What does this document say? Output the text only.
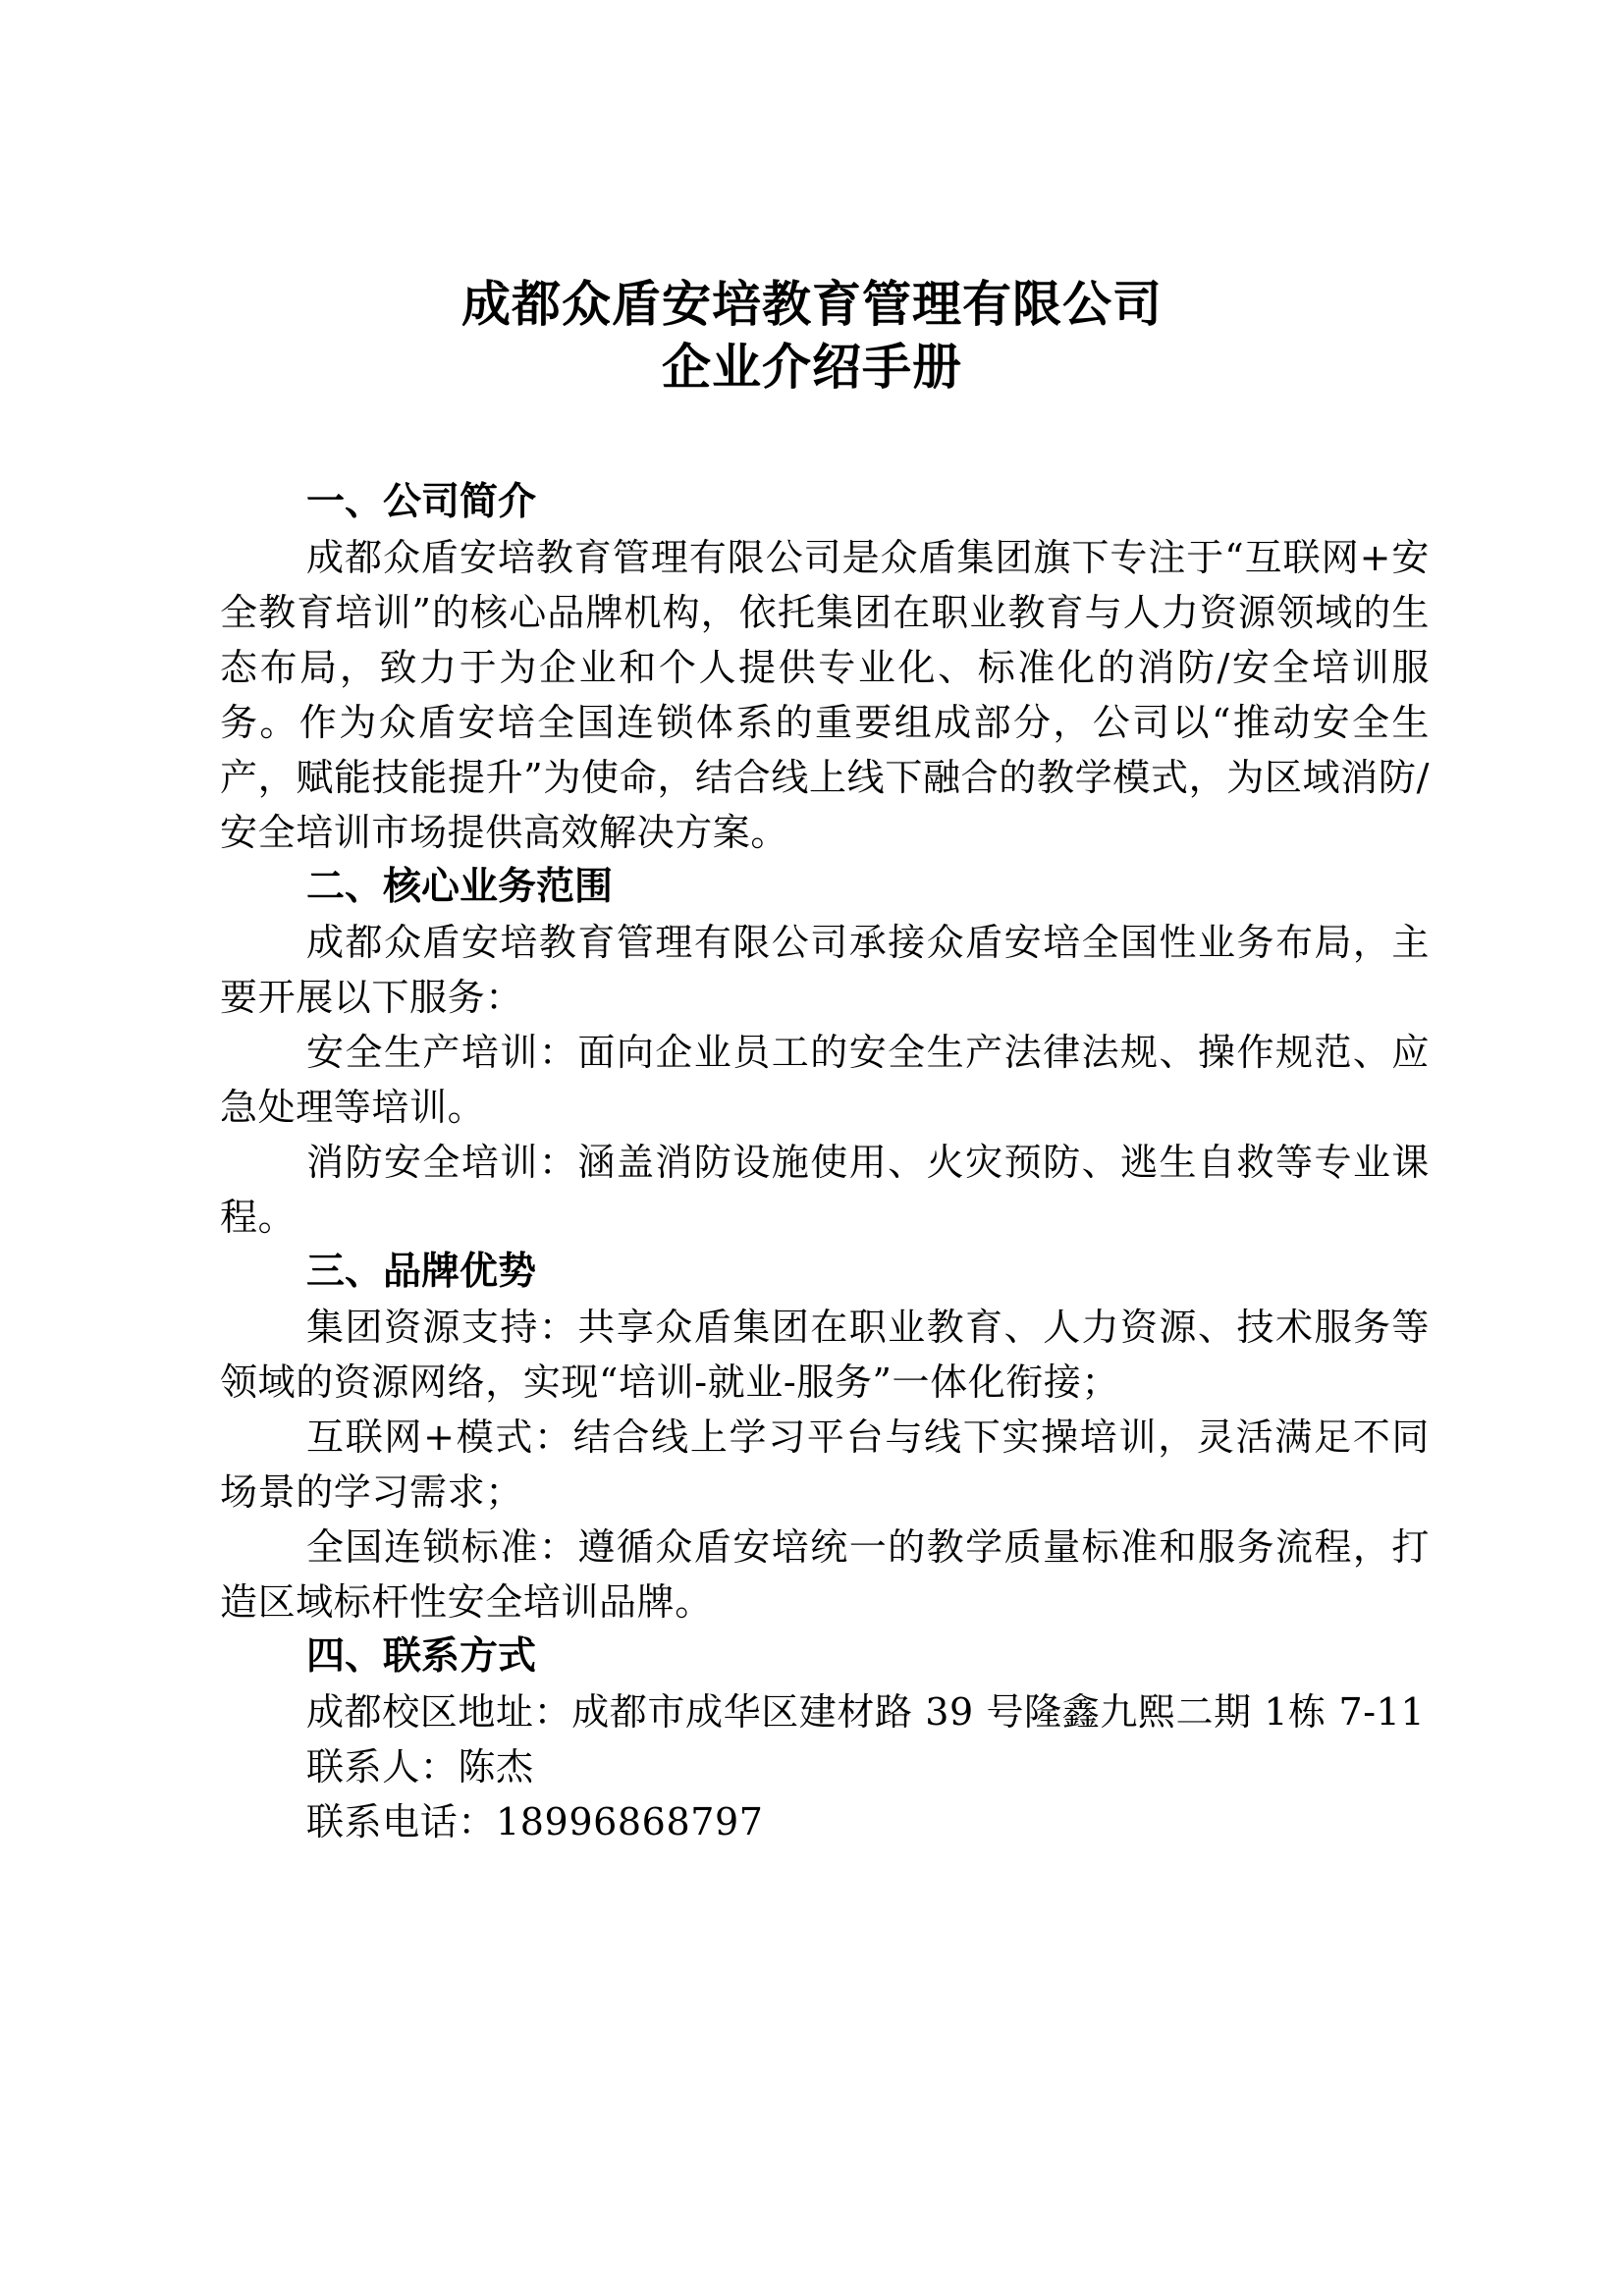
成都众盾安培教育管理有限公司
企业介绍手册

一、公司简介

成都众盾安培教育管理有限公司是众盾集团旗下专注于“互联网+安全教育培训”的核心品牌机构，依托集团在职业教育与人力资源领域的生态布局，致力于为企业和个人提供专业化、标准化的消防/安全培训服务。作为众盾安培全国连锁体系的重要组成部分，公司以“推动安全生产，赋能技能提升”为使命，结合线上线下融合的教学模式，为区域消防/安全培训市场提供高效解决方案。

二、核心业务范围

成都众盾安培教育管理有限公司承接众盾安培全国性业务布局，主要开展以下服务：

安全生产培训：面向企业员工的安全生产法律法规、操作规范、应急处理等培训。

消防安全培训：涵盖消防设施使用、火灾预防、逃生自救等专业课程。

三、品牌优势

集团资源支持：共享众盾集团在职业教育、人力资源、技术服务等领域的资源网络，实现“培训-就业-服务”一体化衔接；

互联网+模式：结合线上学习平台与线下实操培训，灵活满足不同场景的学习需求；

全国连锁标准：遵循众盾安培统一的教学质量标准和服务流程，打造区域标杆性安全培训品牌。

四、联系方式

成都校区地址：成都市成华区建材路 39 号隆鑫九熙二期 1栋 7-11

联系人：陈杰

联系电话：18996868797
